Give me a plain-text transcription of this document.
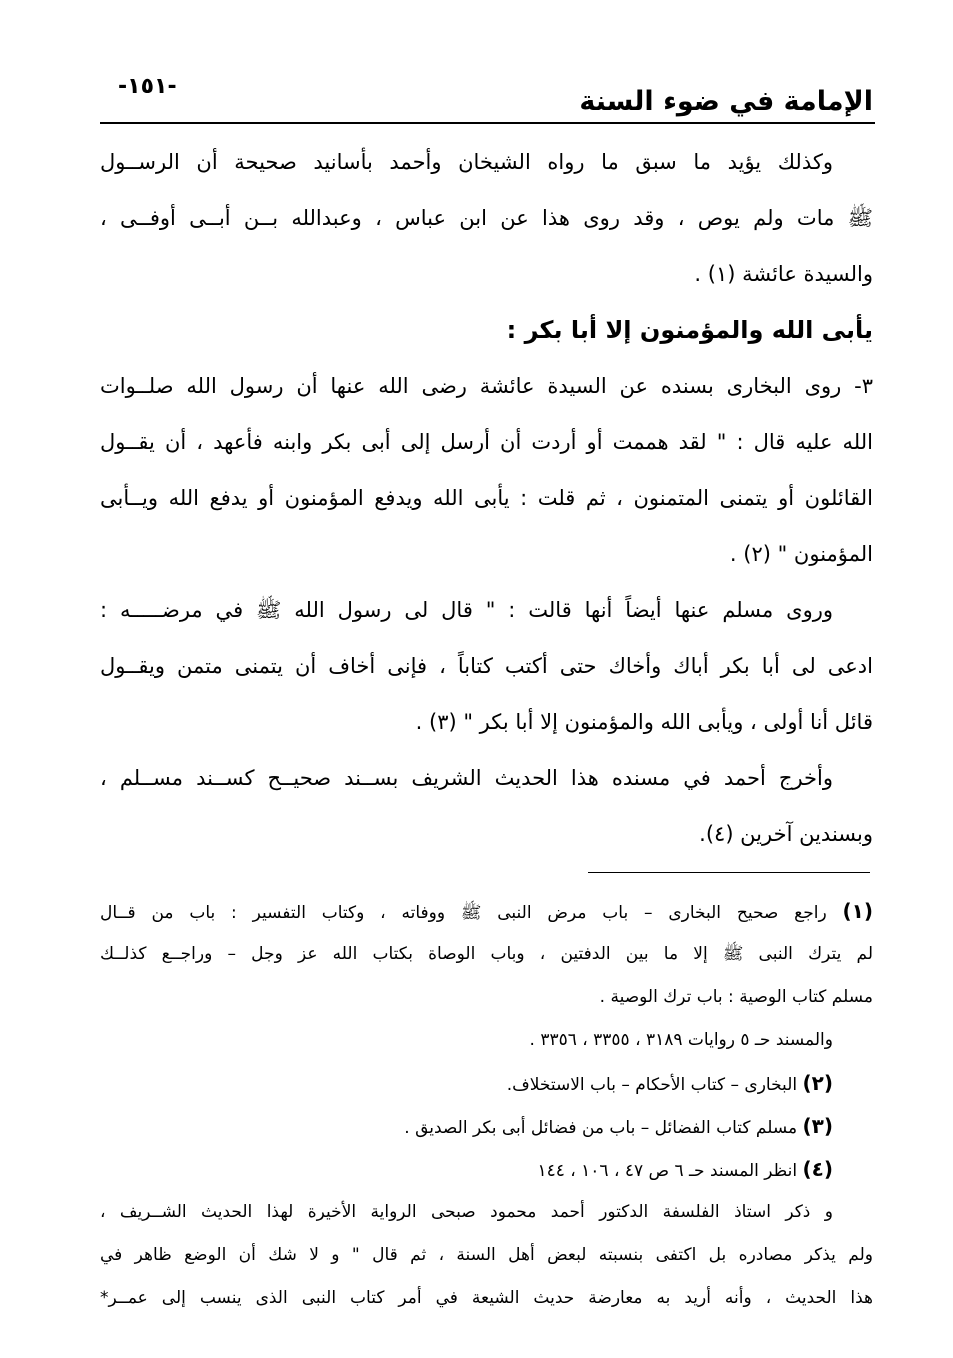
-١٥١-	الإمامة في ضوء السنة
وكذلك يؤيد ما سبق ما رواه الشيخان وأحمد بأسانيد صحيحة أن الرســول
ﷺ مات ولم يوص ، وقد روى هذا عن ابن عباس ، وعبدالله بــن أبــى أوفــى ،
والسيدة عائشة (١) .
يأبى الله والمؤمنون إلا أبا بكر :
٣- روى البخارى بسنده عن السيدة عائشة رضى الله عنها أن رسول الله صلــوات
الله عليه قال : " لقد هممت أو أردت أن أرسل إلى أبى بكر وابنه فأعهد ، أن يقــول
القائلون أو يتمنى المتمنون ، ثم قلت : يأبى الله ويدفع المؤمنون أو يدفع الله ويــأبى
المؤمنون " (٢) .
وروى مسلم عنها أيضاً أنها قالت : " قال لى رسول الله ﷺ في مرضـــــه :
ادعى لى أبا بكر أباك وأخاك حتى أكتب كتاباً ، فإنى أخاف أن يتمنى متمن ويقــول
قائل أنا أولى ، ويأبى الله والمؤمنون إلا أبا بكر " (٣) .
وأخرج أحمد في مسنده هذا الحديث الشريف بســند صحيــح كســند مســلم ،
وبسندين آخرين (٤).
(١) راجع صحيح البخارى – باب مرض النبى ﷺ ووفاته ، وكتاب التفسير : باب من قــال
لم يترك النبى ﷺ إلا ما بين الدفتين ، وباب الوصاة بكتاب الله عز وجل – وراجــع كذلــك
مسلم كتاب الوصية : باب ترك الوصية .
والمسند حـ ٥ روايات ٣١٨٩ ، ٣٣٥٥ ، ٣٣٥٦ .
(٢) البخارى – كتاب الأحكام – باب الاستخلاف.
(٣) مسلم كتاب الفضائل – باب من فضائل أبى بكر الصديق .
(٤) انظر المسند حـ ٦ ص ٤٧ ، ١٠٦ ، ١٤٤
و ذكر استاذ الفلسفة الدكتور أحمد محمود صبحى الرواية الأخيرة لهذا الحديث الشــريف ،
ولم يذكر مصادره بل اكتفى بنسبته لبعض أهل السنة ، ثم قال " و لا شك أن الوضع ظاهر في
هذا الحديث ، وأنه أريد به معارضة حديث الشيعة في أمر كتاب النبى الذى ينسب إلى عمــر*
